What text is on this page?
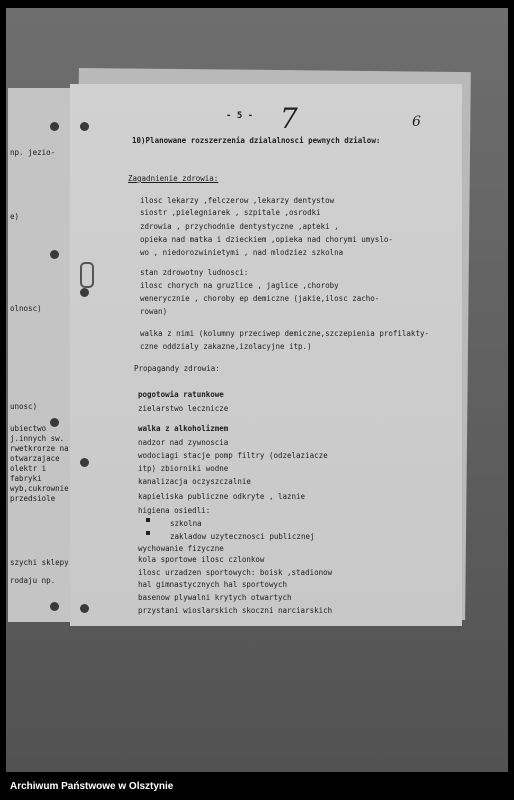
np. jezio-
e)
olnosc)
unosc)
ubiectwo
j.innych sw.
rwetkrorze na
otwarzajace
olektr i
fabryki
wyb,cukrownie
przedsiole
szychi sklepy
rodaju np.
- 5 - 7	6
10)Planowane rozszerzenia dzialalnosci pewnych dzialow:
Zagadnienie zdrowia:
ilosc lekarzy ,felczerow ,lekarzy dentystow
siostr ,pielegniarek , szpitale ,osrodki
zdrowia , przychodnie dentystyczne ,apteki ,
opieka nad matka i dzieckiem ,opieka nad chorymi umyslo-
wo , niedorozwinietymi , nad mlodziez szkolna
stan zdrowotny ludnosci:
ilosc chorych na gruzlice , jaglice ,choroby
wenerycznie , choroby ep demiczne (jakie,ilosc zacho-
rowan)
walka z nimi (kolumny przeciwep demiczne,szczepienia profilakty-
czne oddzialy zakazne,izolacyjne itp.)
Propagandy zdrowia:
pogotowia ratunkowe
zielarstwo lecznicze
walka z alkoholizmem
nadzor nad zywnoscia
wodociagi stacje pomp filtry (odzelaziacze
itp) zbiorniki wodne
kanalizacja oczyszczalnie
kapieliska publiczne odkryte , laznie
higiena osiedli:
szkolna
zakladow uzytecznosci publicznej
wychowanie fizyczne
kola sportowe ilosc czlonkow
ilosc urzadzen sportowych: boisk ,stadionow
hal gimnastycznych hal sportowych
basenow plywalni krytych otwartych
przystani wioslarskich skoczni narciarskich
Archiwum Państwowe w Olsztynie
